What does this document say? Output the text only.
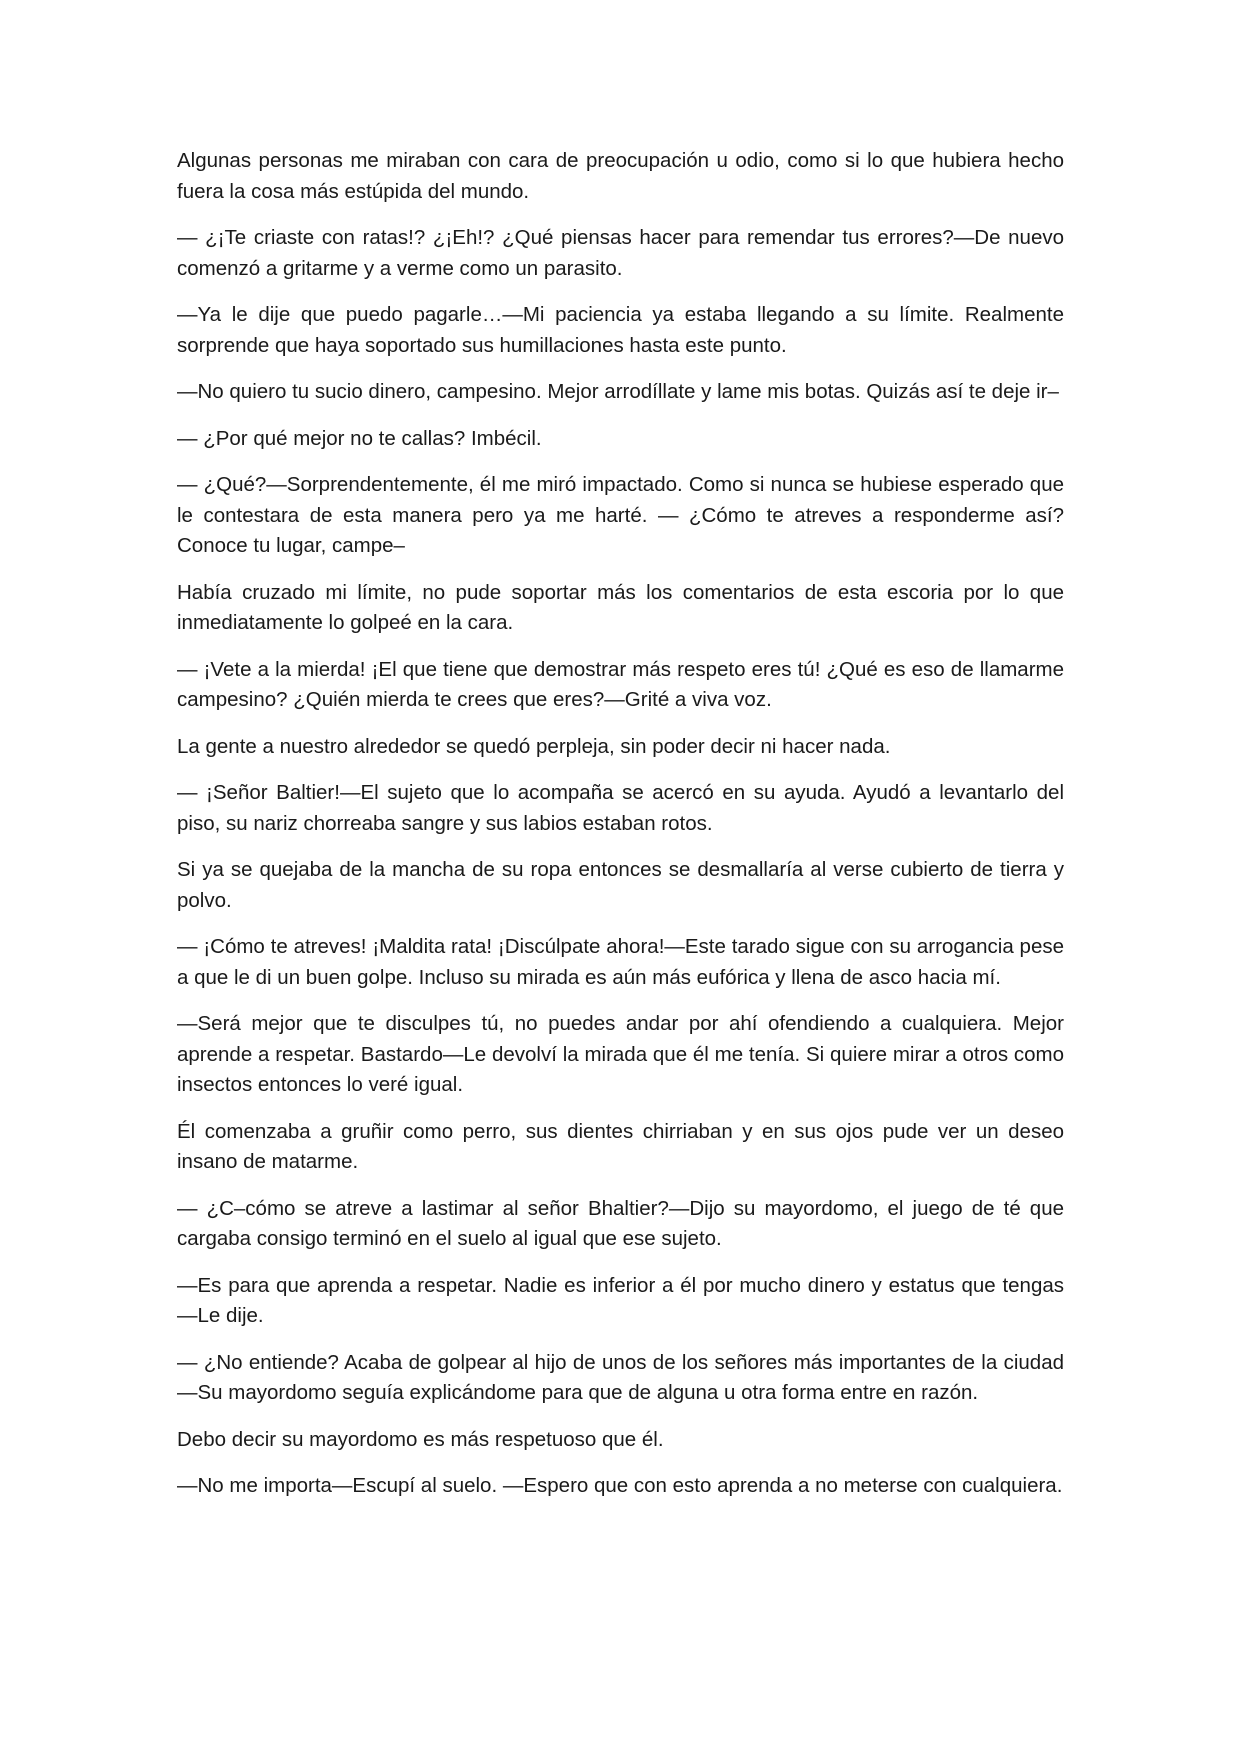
Algunas personas me miraban con cara de preocupación u odio, como si lo que hubiera hecho fuera la cosa más estúpida del mundo.

— ¿¡Te criaste con ratas!? ¿¡Eh!? ¿Qué piensas hacer para remendar tus errores?—De nuevo comenzó a gritarme y a verme como un parasito.

—Ya le dije que puedo pagarle…—Mi paciencia ya estaba llegando a su límite. Realmente sorprende que haya soportado sus humillaciones hasta este punto.

—No quiero tu sucio dinero, campesino. Mejor arrodíllate y lame mis botas. Quizás así te deje ir–

— ¿Por qué mejor no te callas? Imbécil.

— ¿Qué?—Sorprendentemente, él me miró impactado. Como si nunca se hubiese esperado que le contestara de esta manera pero ya me harté. — ¿Cómo te atreves a responderme así? Conoce tu lugar, campe–

Había cruzado mi límite, no pude soportar más los comentarios de esta escoria por lo que inmediatamente lo golpeé en la cara.

— ¡Vete a la mierda! ¡El que tiene que demostrar más respeto eres tú! ¿Qué es eso de llamarme campesino? ¿Quién mierda te crees que eres?—Grité a viva voz.

La gente a nuestro alrededor se quedó perpleja, sin poder decir ni hacer nada.

— ¡Señor Baltier!—El sujeto que lo acompaña se acercó en su ayuda. Ayudó a levantarlo del piso, su nariz chorreaba sangre y sus labios estaban rotos.

Si ya se quejaba de la mancha de su ropa entonces se desmallaría al verse cubierto de tierra y polvo.

— ¡Cómo te atreves! ¡Maldita rata! ¡Discúlpate ahora!—Este tarado sigue con su arrogancia pese a que le di un buen golpe. Incluso su mirada es aún más eufórica y llena de asco hacia mí.

—Será mejor que te disculpes tú, no puedes andar por ahí ofendiendo a cualquiera. Mejor aprende a respetar. Bastardo—Le devolví la mirada que él me tenía. Si quiere mirar a otros como insectos entonces lo veré igual.

Él comenzaba a gruñir como perro, sus dientes chirriaban y en sus ojos pude ver un deseo insano de matarme.

— ¿C–cómo se atreve a lastimar al señor Bhaltier?—Dijo su mayordomo, el juego de té que cargaba consigo terminó en el suelo al igual que ese sujeto.

—Es para que aprenda a respetar. Nadie es inferior a él por mucho dinero y estatus que tengas—Le dije.

— ¿No entiende? Acaba de golpear al hijo de unos de los señores más importantes de la ciudad—Su mayordomo seguía explicándome para que de alguna u otra forma entre en razón.

Debo decir su mayordomo es más respetuoso que él.

—No me importa—Escupí al suelo. —Espero que con esto aprenda a no meterse con cualquiera.
